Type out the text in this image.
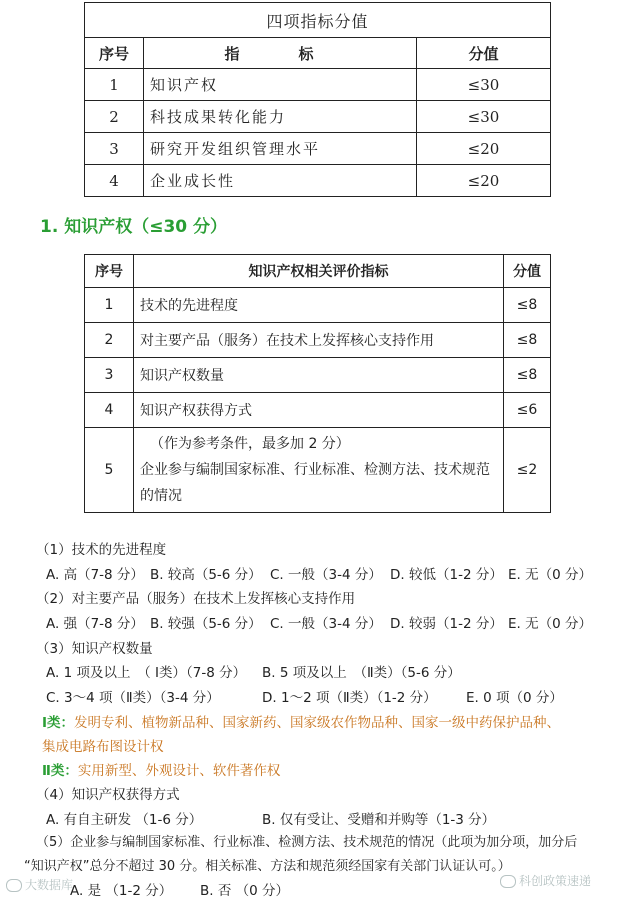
四项指标分值		
序号	指　标	分值
1	知识产权	≤30
2	科技成果转化能力	≤30
3	研究开发组织管理水平	≤20
4	企业成长性	≤20
1. 知识产权（≤30 分）
序号	知识产权相关评价指标	分值
1	技术的先进程度	≤8
2	对主要产品（服务）在技术上发挥核心支持作用	≤8
3	知识产权数量	≤8
4	知识产权获得方式	≤6
5	（作为参考条件，最多加 2 分）
企业参与编制国家标准、行业标准、检测方法、技术规范
的情况	≤2
（1）技术的先进程度
A. 高（7-8 分） B. 较高（5-6 分） C. 一般（3-4 分） D. 较低（1-2 分） E. 无（0 分）
（2）对主要产品（服务）在技术上发挥核心支持作用
A. 强（7-8 分） B. 较强（5-6 分） C. 一般（3-4 分） D. 较弱（1-2 分） E. 无（0 分）
（3）知识产权数量
A. 1 项及以上　（ Ⅰ类）（7-8 分） B. 5 项及以上　（Ⅱ类）（5-6 分）
C. 3～4 项（Ⅱ类）（3-4 分）	D. 1～2 项（Ⅱ类）（1-2 分） E. 0 项（0 分）
Ⅰ类：发明专利、植物新品种、国家新药、国家级农作物品种、国家一级中药保护品种、
集成电路布图设计权
Ⅱ类：实用新型、外观设计、软件著作权
（4）知识产权获得方式
A. 有自主研发 （1-6 分）	B. 仅有受让、受赠和并购等（1-3 分）
（5）企业参与编制国家标准、行业标准、检测方法、技术规范的情况（此项为加分项，加分后
“知识产权”总分不超过 30 分。相关标准、方法和规范须经国家有关部门认证认可。）
A. 是 （1-2 分） B. 否 （0 分）
大数据库	科创政策速递
